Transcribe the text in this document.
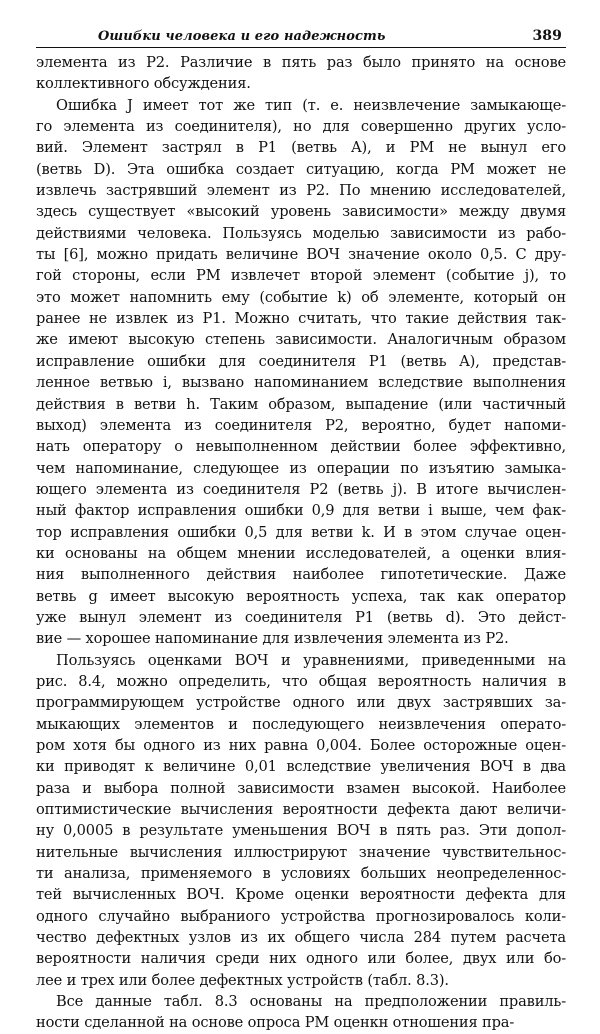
Ошибки человека и его надежность	389
элемента из P2. Различие в пять раз было принято на основе
коллективного обсуждения.
Ошибка J имеет тот же тип (т. е. неизвлечение замыкающе-
го элемента из соединителя), но для совершенно других усло-
вий. Элемент застрял в P1 (ветвь A), и РМ не вынул его
(ветвь D). Эта ошибка создает ситуацию, когда РМ может не
извлечь застрявший элемент из P2. По мнению исследователей,
здесь существует «высокий уровень зависимости» между двумя
действиями человека. Пользуясь моделью зависимости из рабо-
ты [6], можно придать величине ВОЧ значение около 0,5. С дру-
гой стороны, если РМ извлечет второй элемент (событие j), то
это может напомнить ему (событие k) об элементе, который он
ранее не извлек из P1. Можно считать, что такие действия так-
же имеют высокую степень зависимости. Аналогичным образом
исправление ошибки для соединителя P1 (ветвь A), представ-
ленное ветвью i, вызвано напоминанием вследствие выполнения
действия в ветви h. Таким образом, выпадение (или частичный
выход) элемента из соединителя P2, вероятно, будет напоми-
нать оператору о невыполненном действии более эффективно,
чем напоминание, следующее из операции по изъятию замыка-
ющего элемента из соединителя P2 (ветвь j). В итоге вычислен-
ный фактор исправления ошибки 0,9 для ветви i выше, чем фак-
тор исправления ошибки 0,5 для ветви k. И в этом случае оцен-
ки основаны на общем мнении исследователей, а оценки влия-
ния выполненного действия наиболее гипотетические. Даже
ветвь g имеет высокую вероятность успеха, так как оператор
уже вынул элемент из соединителя P1 (ветвь d). Это дейст-
вие — хорошее напоминание для извлечения элемента из P2.
Пользуясь оценками ВОЧ и уравнениями, приведенными на
рис. 8.4, можно определить, что общая вероятность наличия в
программирующем устройстве одного или двух застрявших за-
мыкающих элементов и последующего неизвлечения операто-
ром хотя бы одного из них равна 0,004. Более осторожные оцен-
ки приводят к величине 0,01 вследствие увеличения ВОЧ в два
раза и выбора полной зависимости взамен высокой. Наиболее
оптимистические вычисления вероятности дефекта дают величи-
ну 0,0005 в результате уменьшения ВОЧ в пять раз. Эти допол-
нительные вычисления иллюстрируют значение чувствительнос-
ти анализа, применяемого в условиях больших неопределеннос-
тей вычисленных ВОЧ. Кроме оценки вероятности дефекта для
одного случайно выбраниого устройства прогнозировалось коли-
чество дефектных узлов из их общего числа 284 путем расчета
вероятности наличия среди них одного или более, двух или бо-
лее и трех или более дефектных устройств (табл. 8.3).
Все данные табл. 8.3 основаны на предположении правиль-
ности сделанной на основе опроса РМ оценкн отношения пра-
